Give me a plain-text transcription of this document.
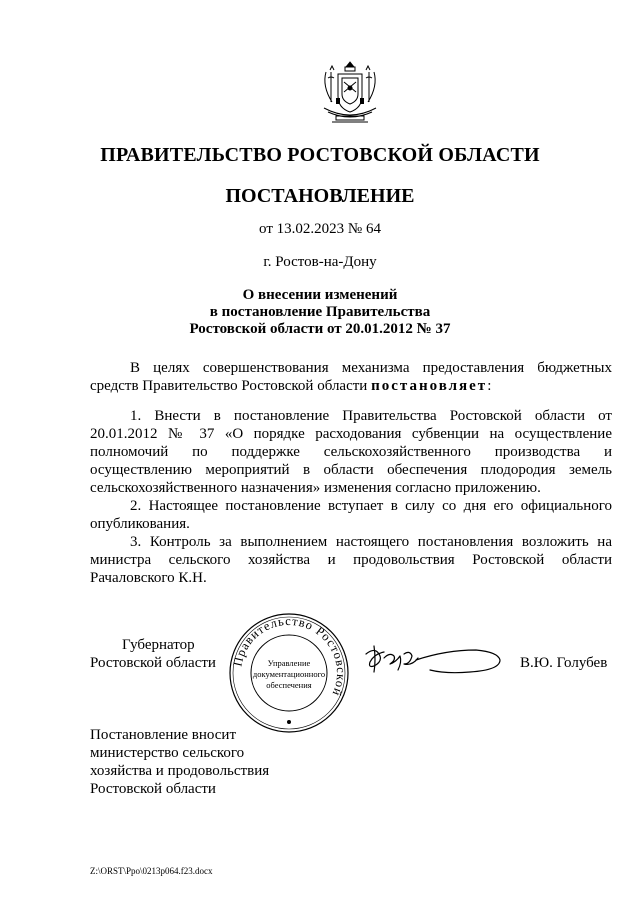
ПРАВИТЕЛЬСТВО РОСТОВСКОЙ ОБЛАСТИ
ПОСТАНОВЛЕНИЕ
от 13.02.2023 № 64
г. Ростов-на-Дону
О внесении изменений
в постановление Правительства
Ростовской области от 20.01.2012 № 37
В целях совершенствования механизма предоставления бюджетных средств Правительство Ростовской области постановляет:
1. Внести в постановление Правительства Ростовской области от 20.01.2012 № 37 «О порядке расходования субвенции на осуществление полномочий по поддержке сельскохозяйственного производства и осуществлению мероприятий в области обеспечения плодородия земель сельскохозяйственного назначения» изменения согласно приложению.
2. Настоящее постановление вступает в силу со дня его официального опубликования.
3. Контроль за выполнением настоящего постановления возложить на министра сельского хозяйства и продовольствия Ростовской области Рачаловского К.Н.
Губернатор
Ростовской области	Правительство Ростовской
Управление
документационного
обеспечения
В.Ю. Голубев
Постановление вносит
министерство сельского
хозяйства и продовольствия
Ростовской области
Z:\ORST\Ppo\0213p064.f23.docx
